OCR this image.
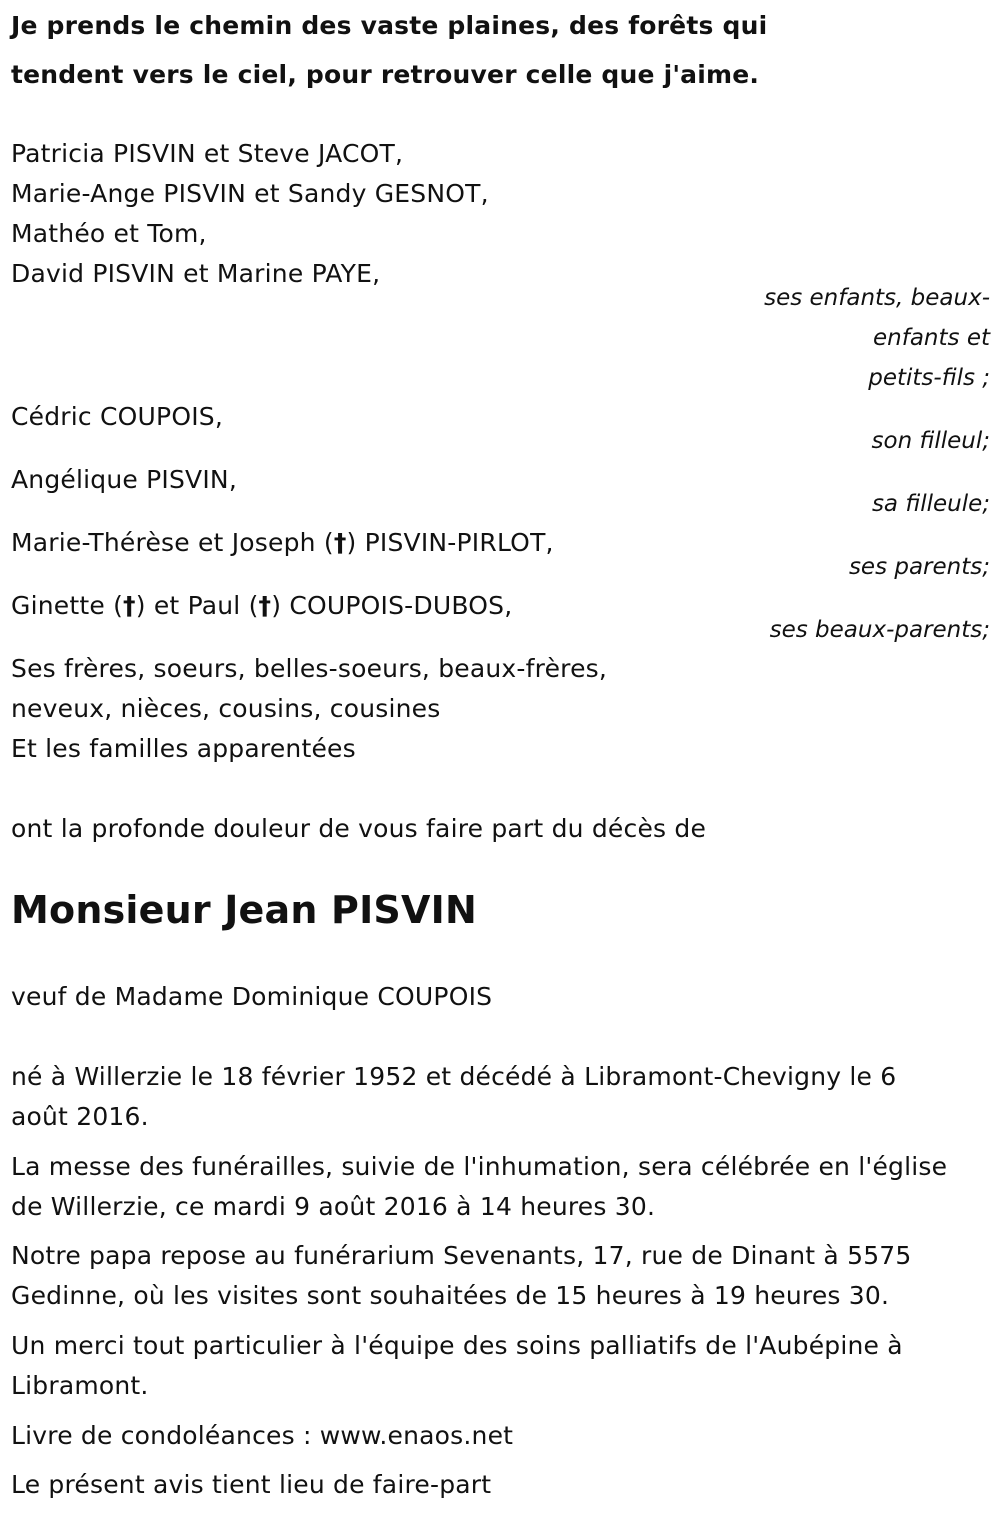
Je prends le chemin des vaste plaines, des forêts qui
tendent vers le ciel, pour retrouver celle que j'aime.
Patricia PISVIN et Steve JACOT,
Marie-Ange PISVIN et Sandy GESNOT,
Mathéo et Tom,
David PISVIN et Marine PAYE,
ses enfants, beaux-
enfants et
petits-fils ;
Cédric COUPOIS,
son filleul;
Angélique PISVIN,
sa filleule;
Marie-Thérèse et Joseph (†) PISVIN-PIRLOT,
ses parents;
Ginette (†) et Paul (†) COUPOIS-DUBOS,
ses beaux-parents;
Ses frères, soeurs, belles-soeurs, beaux-frères,
neveux, nièces, cousins, cousines
Et les familles apparentées
ont la profonde douleur de vous faire part du décès de
Monsieur Jean PISVIN
veuf de Madame Dominique COUPOIS
né à Willerzie le 18 février 1952 et décédé à Libramont-Chevigny le 6
août 2016.
La messe des funérailles, suivie de l'inhumation, sera célébrée en l'église
de Willerzie, ce mardi 9 août 2016 à 14 heures 30.
Notre papa repose au funérarium Sevenants, 17, rue de Dinant à 5575
Gedinne, où les visites sont souhaitées de 15 heures à 19 heures 30.
Un merci tout particulier à l'équipe des soins palliatifs de l'Aubépine à
Libramont.
Livre de condoléances : www.enaos.net
Le présent avis tient lieu de faire-part
